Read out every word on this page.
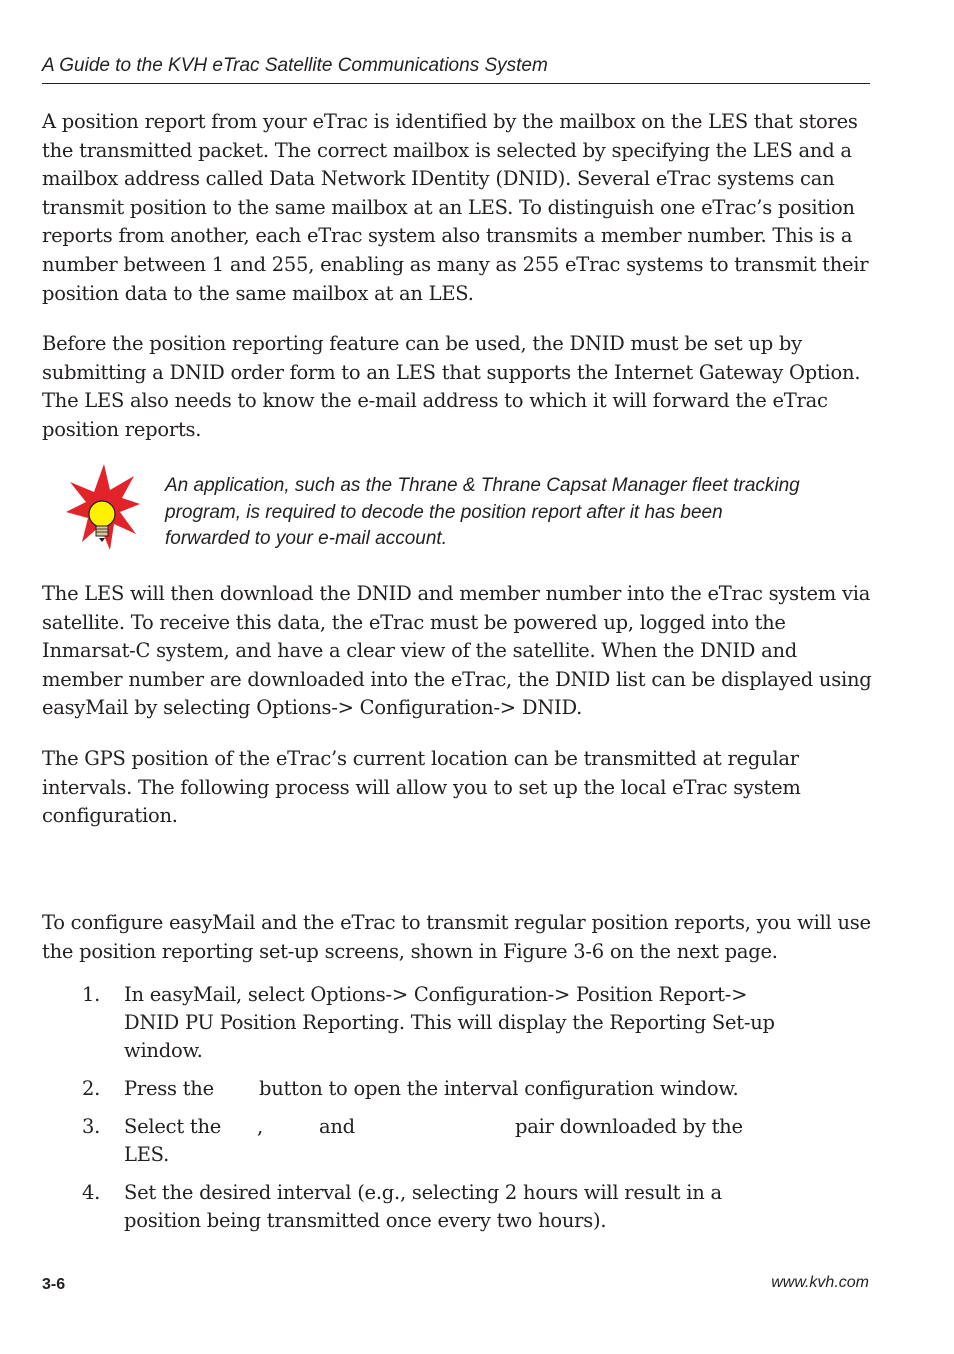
A Guide to the KVH eTrac Satellite Communications System

A position report from your eTrac is identified by the mailbox on the LES that stores the transmitted packet. The correct mailbox is selected by specifying the LES and a mailbox address called Data Network IDentity (DNID). Several eTrac systems can transmit position to the same mailbox at an LES. To distinguish one eTrac’s position reports from another, each eTrac system also transmits a member number. This is a number between 1 and 255, enabling as many as 255 eTrac systems to transmit their position data to the same mailbox at an LES.

Before the position reporting feature can be used, the DNID must be set up by submitting a DNID order form to an LES that supports the Internet Gateway Option. The LES also needs to know the e-mail address to which it will forward the eTrac position reports.

An application, such as the Thrane & Thrane Capsat Manager fleet tracking program, is required to decode the position report after it has been forwarded to your e-mail account.

The LES will then download the DNID and member number into the eTrac system via satellite. To receive this data, the eTrac must be powered up, logged into the Inmarsat-C system, and have a clear view of the satellite. When the DNID and member number are downloaded into the eTrac, the DNID list can be displayed using easyMail by selecting Options-> Configuration-> DNID.

The GPS position of the eTrac’s current location can be transmitted at regular intervals. The following process will allow you to set up the local eTrac system configuration.

To configure easyMail and the eTrac to transmit regular position reports, you will use the position reporting set-up screens, shown in Figure 3-6 on the next page.

1. In easyMail, select Options-> Configuration-> Position Report-> DNID PU Position Reporting. This will display the Reporting Set-up window.
2. Press the button to open the interval configuration window.
3. Select the ,	and	pair downloaded by the
LES.
4. Set the desired interval (e.g., selecting 2 hours will result in a position being transmitted once every two hours).
3-6	www.kvh.com
